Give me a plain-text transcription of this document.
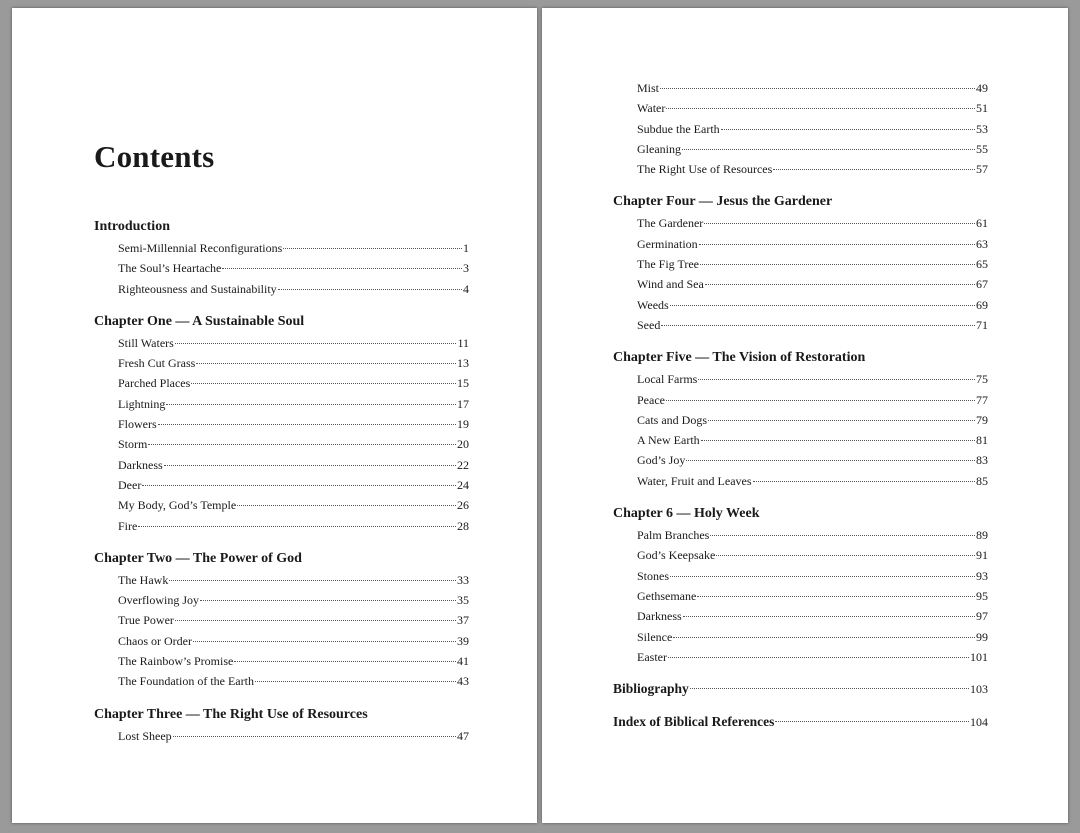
Contents
Introduction
Semi-Millennial Reconfigurations	1
The Soul’s Heartache	3
Righteousness and Sustainability	4
Chapter One — A Sustainable Soul
Still Waters	11
Fresh Cut Grass	13
Parched Places	15
Lightning	17
Flowers	19
Storm	20
Darkness	22
Deer	24
My Body, God’s Temple	26
Fire	28
Chapter Two — The Power of God
The Hawk	33
Overflowing Joy	35
True Power	37
Chaos or Order	39
The Rainbow’s Promise	41
The Foundation of the Earth	43
Chapter Three — The Right Use of Resources
Lost Sheep	47
Mist	49
Water	51
Subdue the Earth	53
Gleaning	55
The Right Use of Resources	57
Chapter Four — Jesus the Gardener
The Gardener	61
Germination	63
The Fig Tree	65
Wind and Sea	67
Weeds	69
Seed	71
Chapter Five — The Vision of Restoration
Local Farms	75
Peace	77
Cats and Dogs	79
A New Earth	81
God’s Joy	83
Water, Fruit and Leaves	85
Chapter 6 — Holy Week
Palm Branches	89
God’s Keepsake	91
Stones	93
Gethsemane	95
Darkness	97
Silence	99
Easter	101
Bibliography	103
Index of Biblical References	104
